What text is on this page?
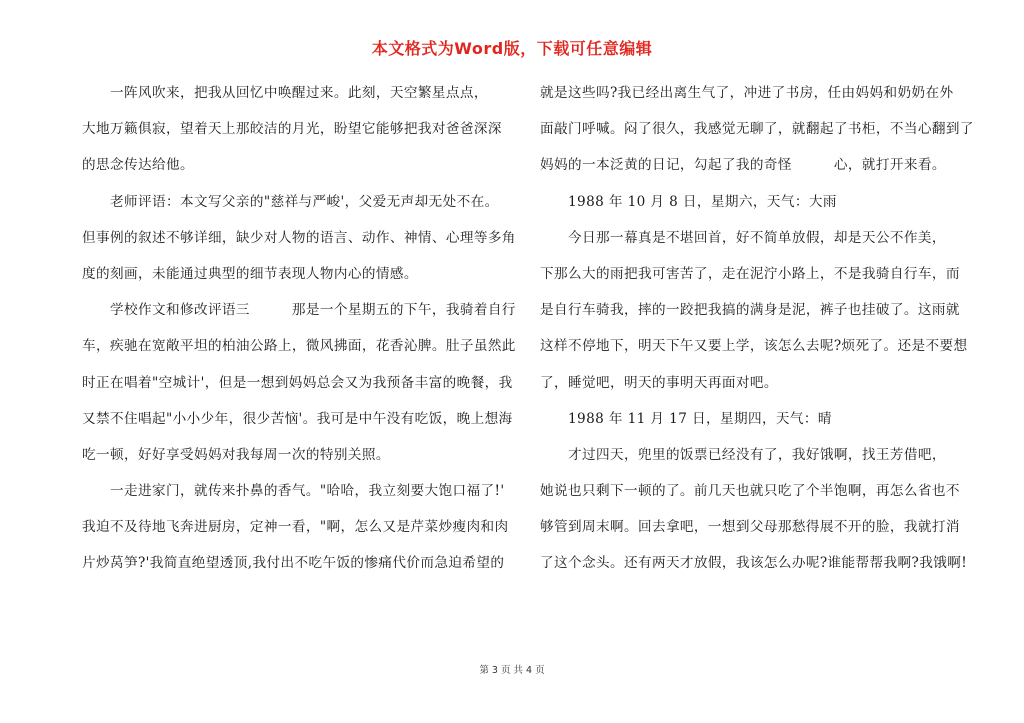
本文格式为Word版，下载可任意编辑
　　一阵风吹来，把我从回忆中唤醒过来。此刻，天空繁星点点，
大地万籁俱寂，望着天上那皎洁的月光，盼望它能够把我对爸爸深深
的思念传达给他。
　　老师评语：本文写父亲的"慈祥与严峻'，父爱无声却无处不在。
但事例的叙述不够详细，缺少对人物的语言、动作、神情、心理等多角
度的刻画，未能通过典型的细节表现人物内心的情感。
　　学校作文和修改评语三　　　那是一个星期五的下午，我骑着自行
车，疾驰在宽敞平坦的柏油公路上，微风拂面，花香沁脾。肚子虽然此
时正在唱着"空城计'，但是一想到妈妈总会又为我预备丰富的晚餐，我
又禁不住唱起"小小少年，很少苦恼'。我可是中午没有吃饭，晚上想海
吃一顿，好好享受妈妈对我每周一次的特别关照。
　　一走进家门，就传来扑鼻的香气。"哈哈，我立刻要大饱口福了!'
我迫不及待地飞奔进厨房，定神一看，"啊，怎么又是芹菜炒瘦肉和肉
片炒莴笋?'我简直绝望透顶,我付出不吃午饭的惨痛代价而急迫希望的
就是这些吗?我已经出离生气了，冲进了书房，任由妈妈和奶奶在外
面敲门呼喊。闷了很久，我感觉无聊了，就翻起了书柜，不当心翻到了
妈妈的一本泛黄的日记，勾起了我的奇怪　　　心，就打开来看。
　　1988 年 10 月 8 日，星期六，天气：大雨
　　今日那一幕真是不堪回首，好不简单放假，却是天公不作美，
下那么大的雨把我可害苦了，走在泥泞小路上，不是我骑自行车，而
是自行车骑我，摔的一跤把我搞的满身是泥，裤子也挂破了。这雨就
这样不停地下，明天下午又要上学，该怎么去呢?烦死了。还是不要想
了，睡觉吧，明天的事明天再面对吧。
　　1988 年 11 月 17 日，星期四，天气：晴
　　才过四天，兜里的饭票已经没有了，我好饿啊，找王芳借吧，
她说也只剩下一顿的了。前几天也就只吃了个半饱啊，再怎么省也不
够管到周末啊。回去拿吧，一想到父母那愁得展不开的脸，我就打消
了这个念头。还有两天才放假，我该怎么办呢?谁能帮帮我啊?我饿啊!
第 3 页 共 4 页
